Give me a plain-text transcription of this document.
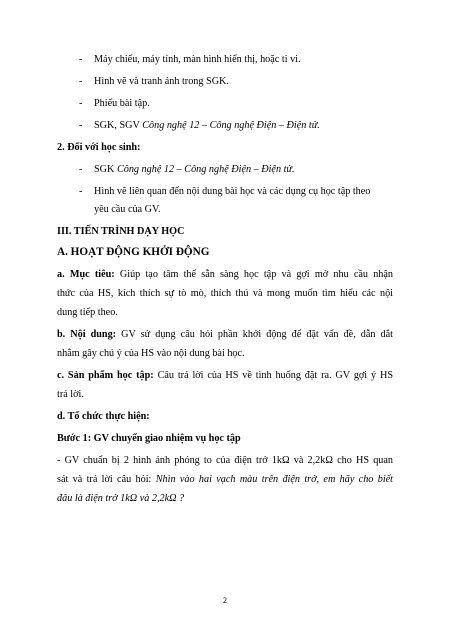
- Máy chiếu, máy tính, màn hình hiển thị, hoặc ti vi.
- Hình vẽ và tranh ảnh trong SGK.
- Phiếu bài tập.
- SGK, SGV Công nghệ 12 – Công nghệ Điện – Điện tử.
2. Đối với học sinh:
- SGK Công nghệ 12 – Công nghệ Điện – Điện tử.
- Hình vẽ liên quan đến nội dung bài học và các dụng cụ học tập theo
yêu cầu của GV.
III. TIẾN TRÌNH DẠY HỌC
A. HOẠT ĐỘNG KHỞI ĐỘNG
a. Mục tiêu: Giúp tạo tâm thế sẵn sàng học tập và gợi mở nhu cầu nhận
thức của HS, kích thích sự tò mò, thích thú và mong muốn tìm hiểu các nội
dung tiếp theo.
b. Nội dung: GV sử dụng câu hỏi phần khởi động để đặt vấn đề, dẫn dắt
nhằm gây chú ý của HS vào nội dung bài học.
c. Sản phẩm học tập: Câu trả lời của HS về tình huống đặt ra. GV gợi ý HS
trả lời.
d. Tổ chức thực hiện:
Bước 1: GV chuyển giao nhiệm vụ học tập
- GV chuẩn bị 2 hình ảnh phóng to của điện trở 1kΩ và 2,2kΩ cho HS quan
sát và trả lời câu hỏi: Nhìn vào hai vạch màu trên điện trở, em hãy cho biết
đâu là điện trở 1kΩ và 2,2kΩ ?
2
